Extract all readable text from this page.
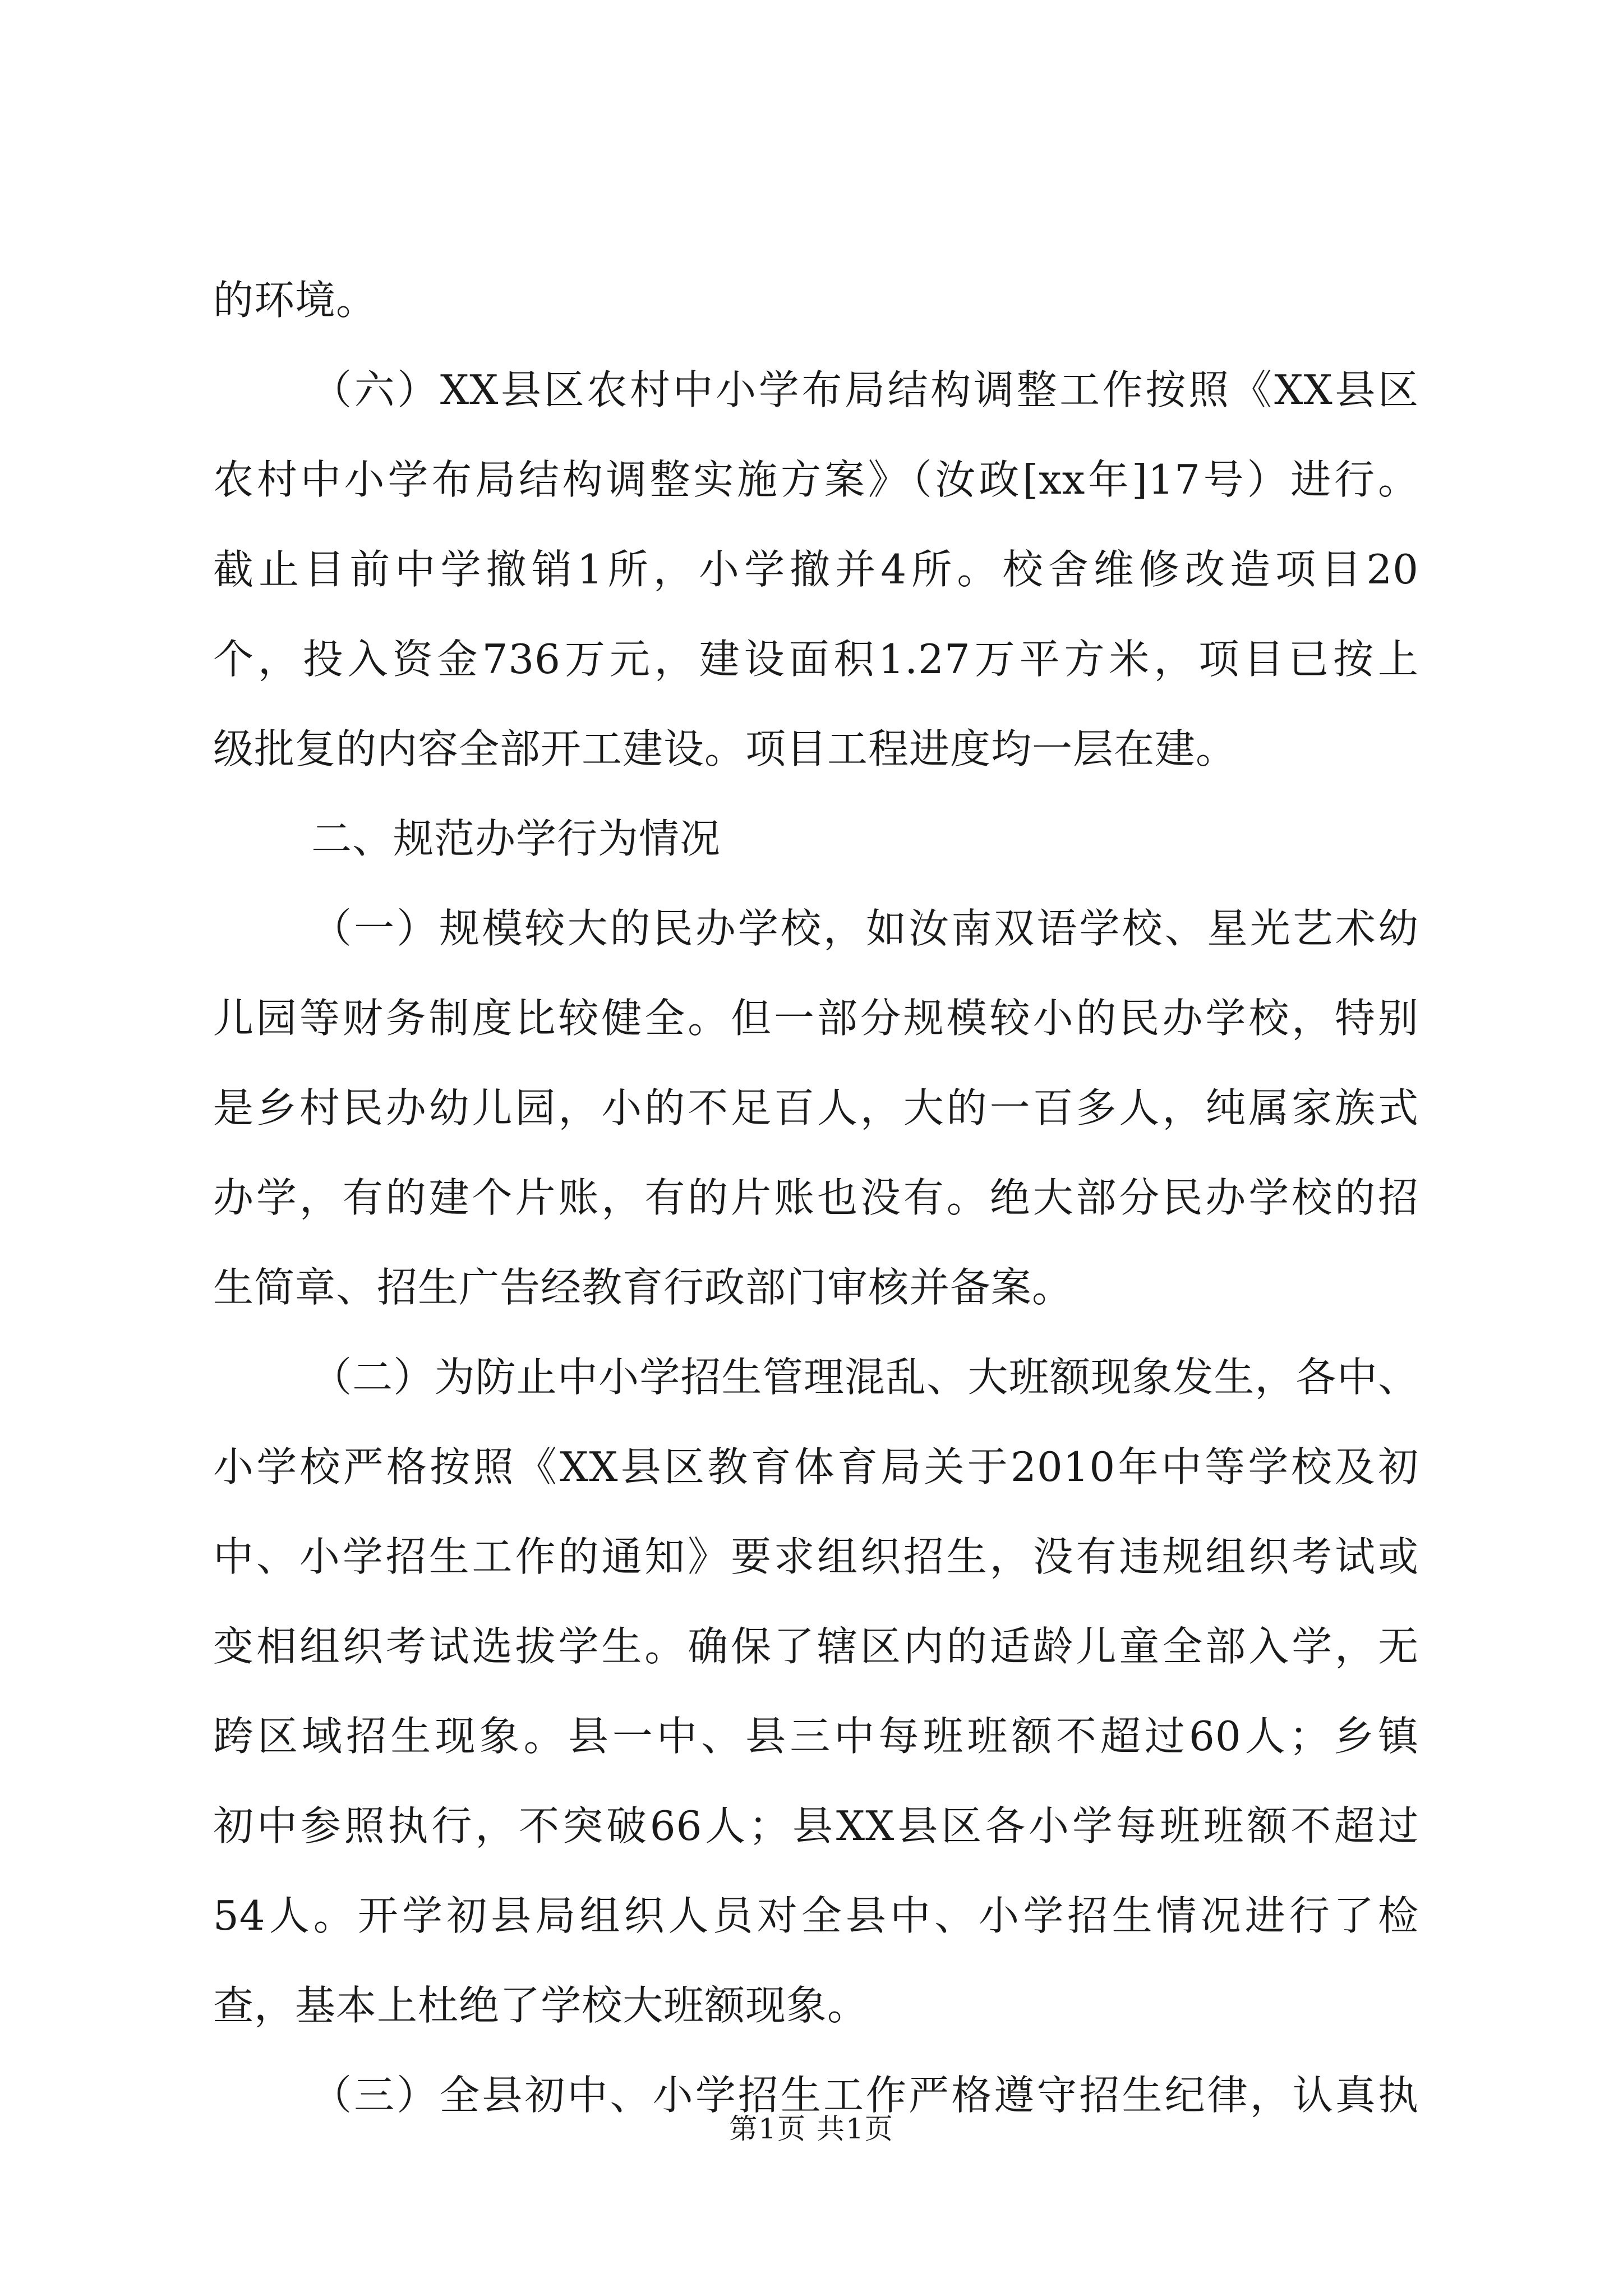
的环境。
（六）XX县区农村中小学布局结构调整工作按照《XX县区
农村中小学布局结构调整实施方案》（汝政[xx年]17号）进行。
截止目前中学撤销1所，小学撤并4所。校舍维修改造项目20
个，投入资金736万元，建设面积1.27万平方米，项目已按上
级批复的内容全部开工建设。项目工程进度均一层在建。
二、规范办学行为情况
（一）规模较大的民办学校，如汝南双语学校、星光艺术幼
儿园等财务制度比较健全。但一部分规模较小的民办学校，特别
是乡村民办幼儿园，小的不足百人，大的一百多人，纯属家族式
办学，有的建个片账，有的片账也没有。绝大部分民办学校的招
生简章、招生广告经教育行政部门审核并备案。
（二）为防止中小学招生管理混乱、大班额现象发生，各中、
小学校严格按照《XX县区教育体育局关于2010年中等学校及初
中、小学招生工作的通知》要求组织招生，没有违规组织考试或
变相组织考试选拔学生。确保了辖区内的适龄儿童全部入学，无
跨区域招生现象。县一中、县三中每班班额不超过60人；乡镇
初中参照执行，不突破66人；县XX县区各小学每班班额不超过
54人。开学初县局组织人员对全县中、小学招生情况进行了检
查，基本上杜绝了学校大班额现象。
（三）全县初中、小学招生工作严格遵守招生纪律，认真执
第1页 共1页
